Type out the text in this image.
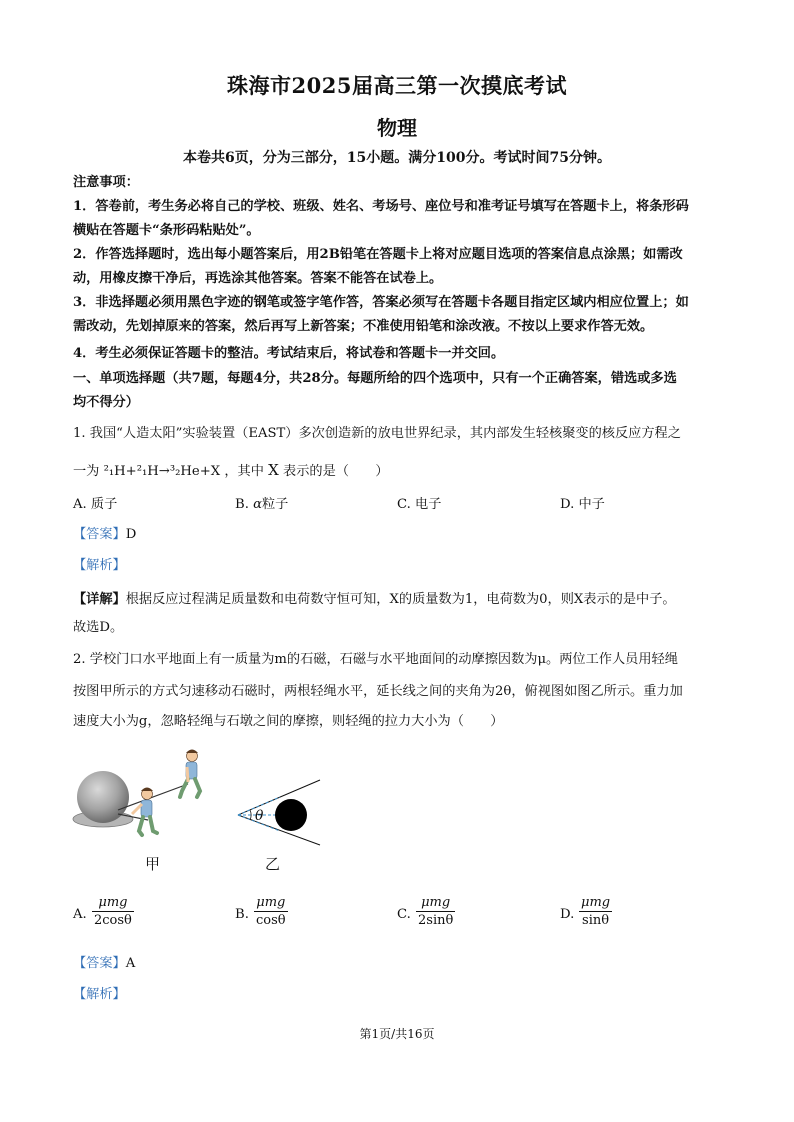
珠海市2025届高三第一次摸底考试
物理
本卷共6页，分为三部分，15小题。满分100分。考试时间75分钟。
注意事项：
1．答卷前，考生务必将自己的学校、班级、姓名、考场号、座位号和准考证号填写在答题卡上，将条形码
横贴在答题卡“条形码粘贴处”。
2．作答选择题时，选出每小题答案后，用2B铅笔在答题卡上将对应题目选项的答案信息点涂黑；如需改
动，用橡皮擦干净后，再选涂其他答案。答案不能答在试卷上。
3．非选择题必须用黑色字迹的钢笔或签字笔作答，答案必须写在答题卡各题目指定区域内相应位置上；如
需改动，先划掉原来的答案，然后再写上新答案；不准使用铅笔和涂改液。不按以上要求作答无效。
4．考生必须保证答题卡的整洁。考试结束后，将试卷和答题卡一并交回。
一、单项选择题（共7题，每题4分，共28分。每题所给的四个选项中，只有一个正确答案，错选或多选
均不得分）
1. 我国“人造太阳”实验装置（EAST）多次创造新的放电世界纪录，其内部发生轻核聚变的核反应方程之
一为 ²₁H+²₁H→³₂He+X ，其中 X 表示的是（　　）
A. 质子	B. α粒子	C. 电子	D. 中子
【答案】D
【解析】
【详解】根据反应过程满足质量数和电荷数守恒可知，X的质量数为1，电荷数为0，则X表示的是中子。
故选D。
2. 学校门口水平地面上有一质量为m的石磁，石磁与水平地面间的动摩擦因数为μ。两位工作人员用轻绳
按图甲所示的方式匀速移动石磁时，两根轻绳水平，延长线之间的夹角为2θ，俯视图如图乙所示。重力加
速度大小为g，忽略轻绳与石墩之间的摩擦，则轻绳的拉力大小为（　　）
甲
θ
乙
A.
μmg
2cosθ	B.
μmg
cosθ	C.
μmg
2sinθ	D.
μmg
sinθ
【答案】A
【解析】
第1页/共16页
